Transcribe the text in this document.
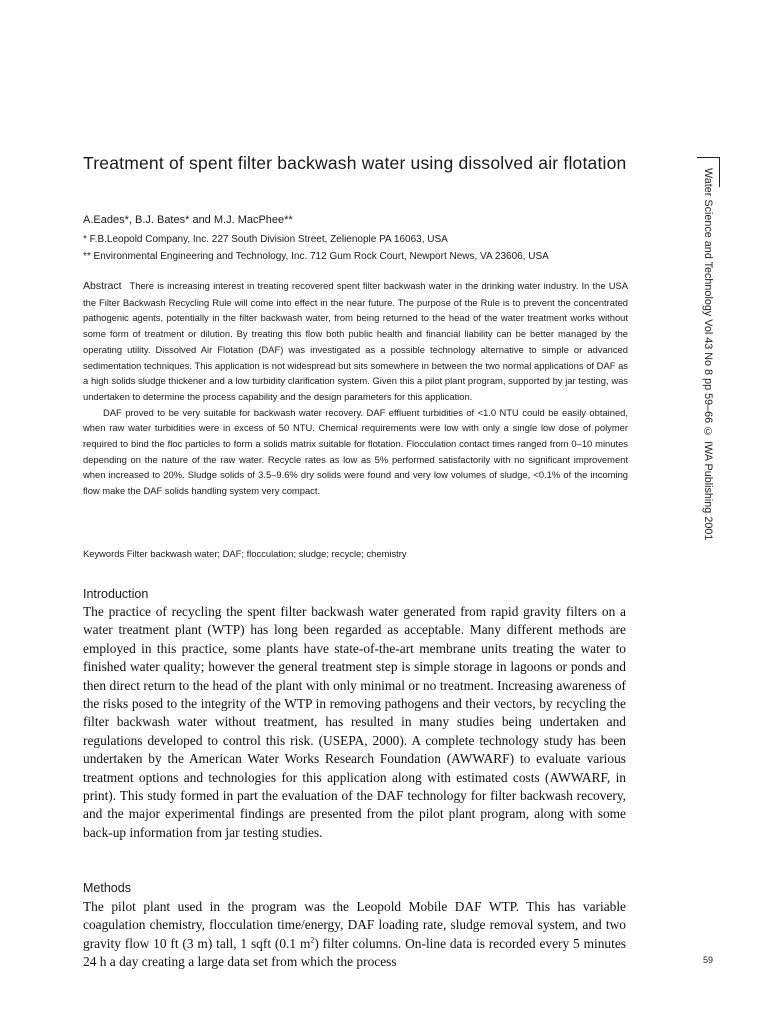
Treatment of spent filter backwash water using dissolved air flotation

A.Eades*, B.J. Bates* and M.J. MacPhee**

* F.B.Leopold Company, Inc. 227 South Division Street, Zelienople PA 16063, USA

** Environmental Engineering and Technology, Inc. 712 Gum Rock Court, Newport News, VA 23606, USA

Abstract There is increasing interest in treating recovered spent filter backwash water in the drinking water industry. In the USA the Filter Backwash Recycling Rule will come into effect in the near future. The purpose of the Rule is to prevent the concentrated pathogenic agents, potentially in the filter backwash water, from being returned to the head of the water treatment works without some form of treatment or dilution. By treating this flow both public health and financial liability can be better managed by the operating utility. Dissolved Air Flotation (DAF) was investigated as a possible technology alternative to simple or advanced sedimentation techniques. This application is not widespread but sits somewhere in between the two normal applications of DAF as a high solids sludge thickener and a low turbidity clarification system. Given this a pilot plant program, supported by jar testing, was undertaken to determine the process capability and the design parameters for this application.

DAF proved to be very suitable for backwash water recovery. DAF effluent turbidities of <1.0 NTU could be easily obtained, when raw water turbidities were in excess of 50 NTU. Chemical requirements were low with only a single low dose of polymer required to bind the floc particles to form a solids matrix suitable for flotation. Flocculation contact times ranged from 0–10 minutes depending on the nature of the raw water. Recycle rates as low as 5% performed satisfactorily with no significant improvement when increased to 20%. Sludge solids of 3.5–9.6% dry solids were found and very low volumes of sludge, <0.1% of the incoming flow make the DAF solids handling system very compact.

Keywords Filter backwash water; DAF; flocculation; sludge; recycle; chemistry

Introduction

The practice of recycling the spent filter backwash water generated from rapid gravity filters on a water treatment plant (WTP) has long been regarded as acceptable. Many different methods are employed in this practice, some plants have state-of-the-art membrane units treating the water to finished water quality; however the general treatment step is simple storage in lagoons or ponds and then direct return to the head of the plant with only minimal or no treatment. Increasing awareness of the risks posed to the integrity of the WTP in removing pathogens and their vectors, by recycling the filter backwash water without treatment, has resulted in many studies being undertaken and regulations developed to control this risk. (USEPA, 2000). A complete technology study has been undertaken by the American Water Works Research Foundation (AWWARF) to evaluate various treatment options and technologies for this application along with estimated costs (AWWARF, in print). This study formed in part the evaluation of the DAF technology for filter backwash recovery, and the major experimental findings are presented from the pilot plant program, along with some back-up information from jar testing studies.

Methods

The pilot plant used in the program was the Leopold Mobile DAF WTP. This has variable coagulation chemistry, flocculation time/energy, DAF loading rate, sludge removal system, and two gravity flow 10 ft (3 m) tall, 1 sqft (0.1 $m^2$) filter columns. On-line data is recorded every 5 minutes 24 h a day creating a large data set from which the process

Water Science and Technology Vol 43 No 8 pp 59–66 © IWA Publishing 2001
59
